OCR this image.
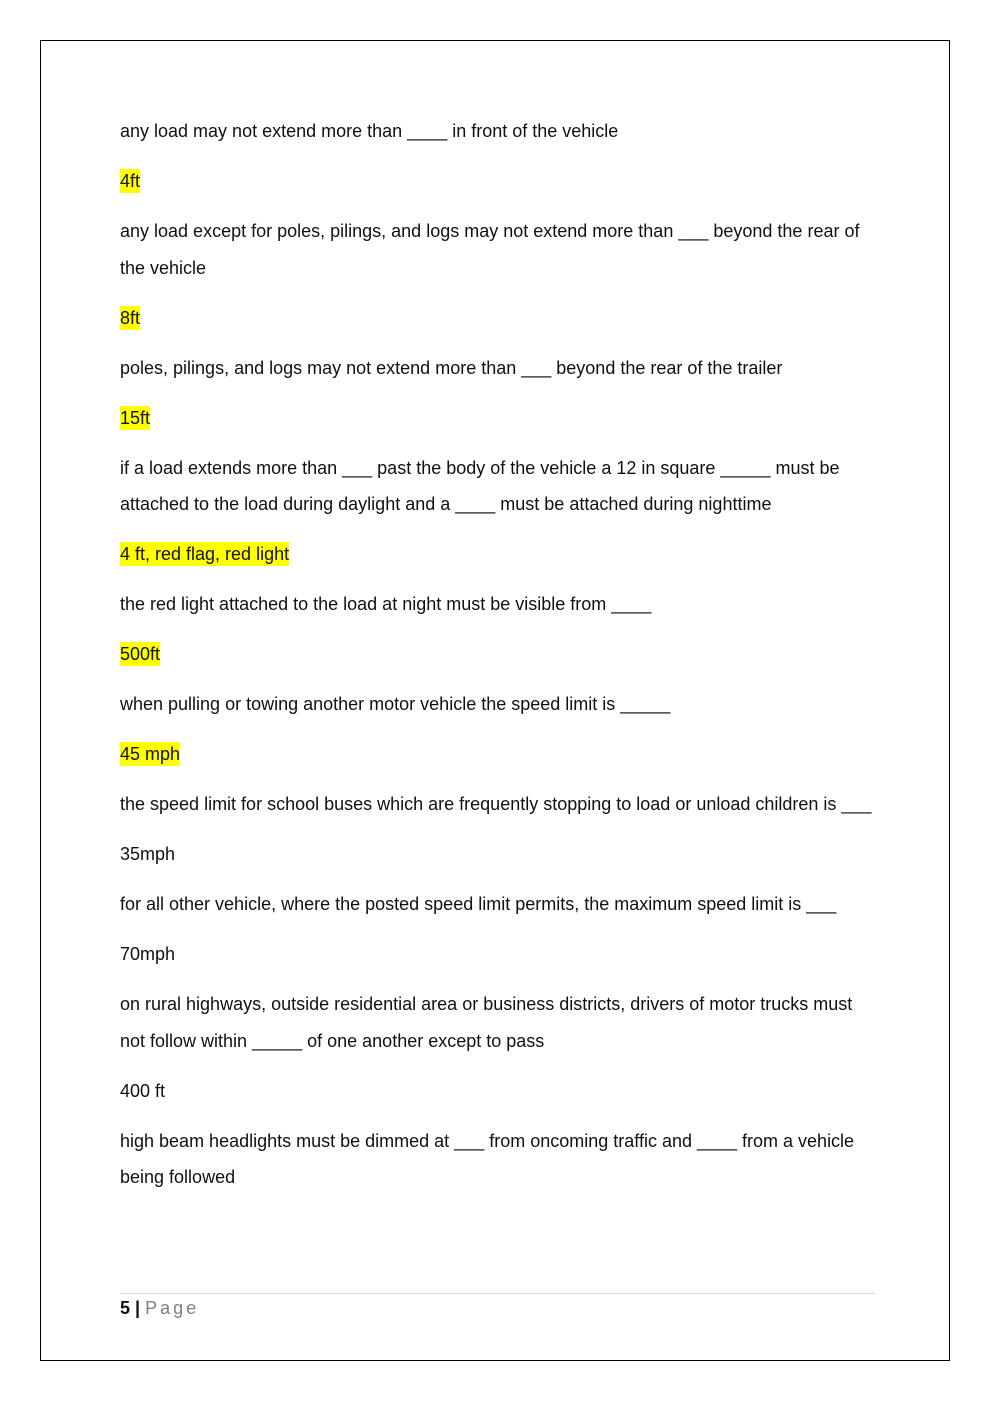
any load may not extend more than ____ in front of the vehicle

4ft

any load except for poles, pilings, and logs may not extend more than ___ beyond the rear of the vehicle

8ft

poles, pilings, and logs may not extend more than ___ beyond the rear of the trailer

15ft

if a load extends more than ___ past the body of the vehicle a 12 in square _____ must be attached to the load during daylight and a ____ must be attached during nighttime

4 ft, red flag, red light

the red light attached to the load at night must be visible from ____

500ft

when pulling or towing another motor vehicle the speed limit is _____

45 mph

the speed limit for school buses which are frequently stopping to load or unload children is ___

35mph

for all other vehicle, where the posted speed limit permits, the maximum speed limit is ___

70mph

on rural highways, outside residential area or business districts, drivers of motor trucks must not follow within _____ of one another except to pass

400 ft

high beam headlights must be dimmed at ___ from oncoming traffic and ____ from a vehicle being followed

5 | Page
